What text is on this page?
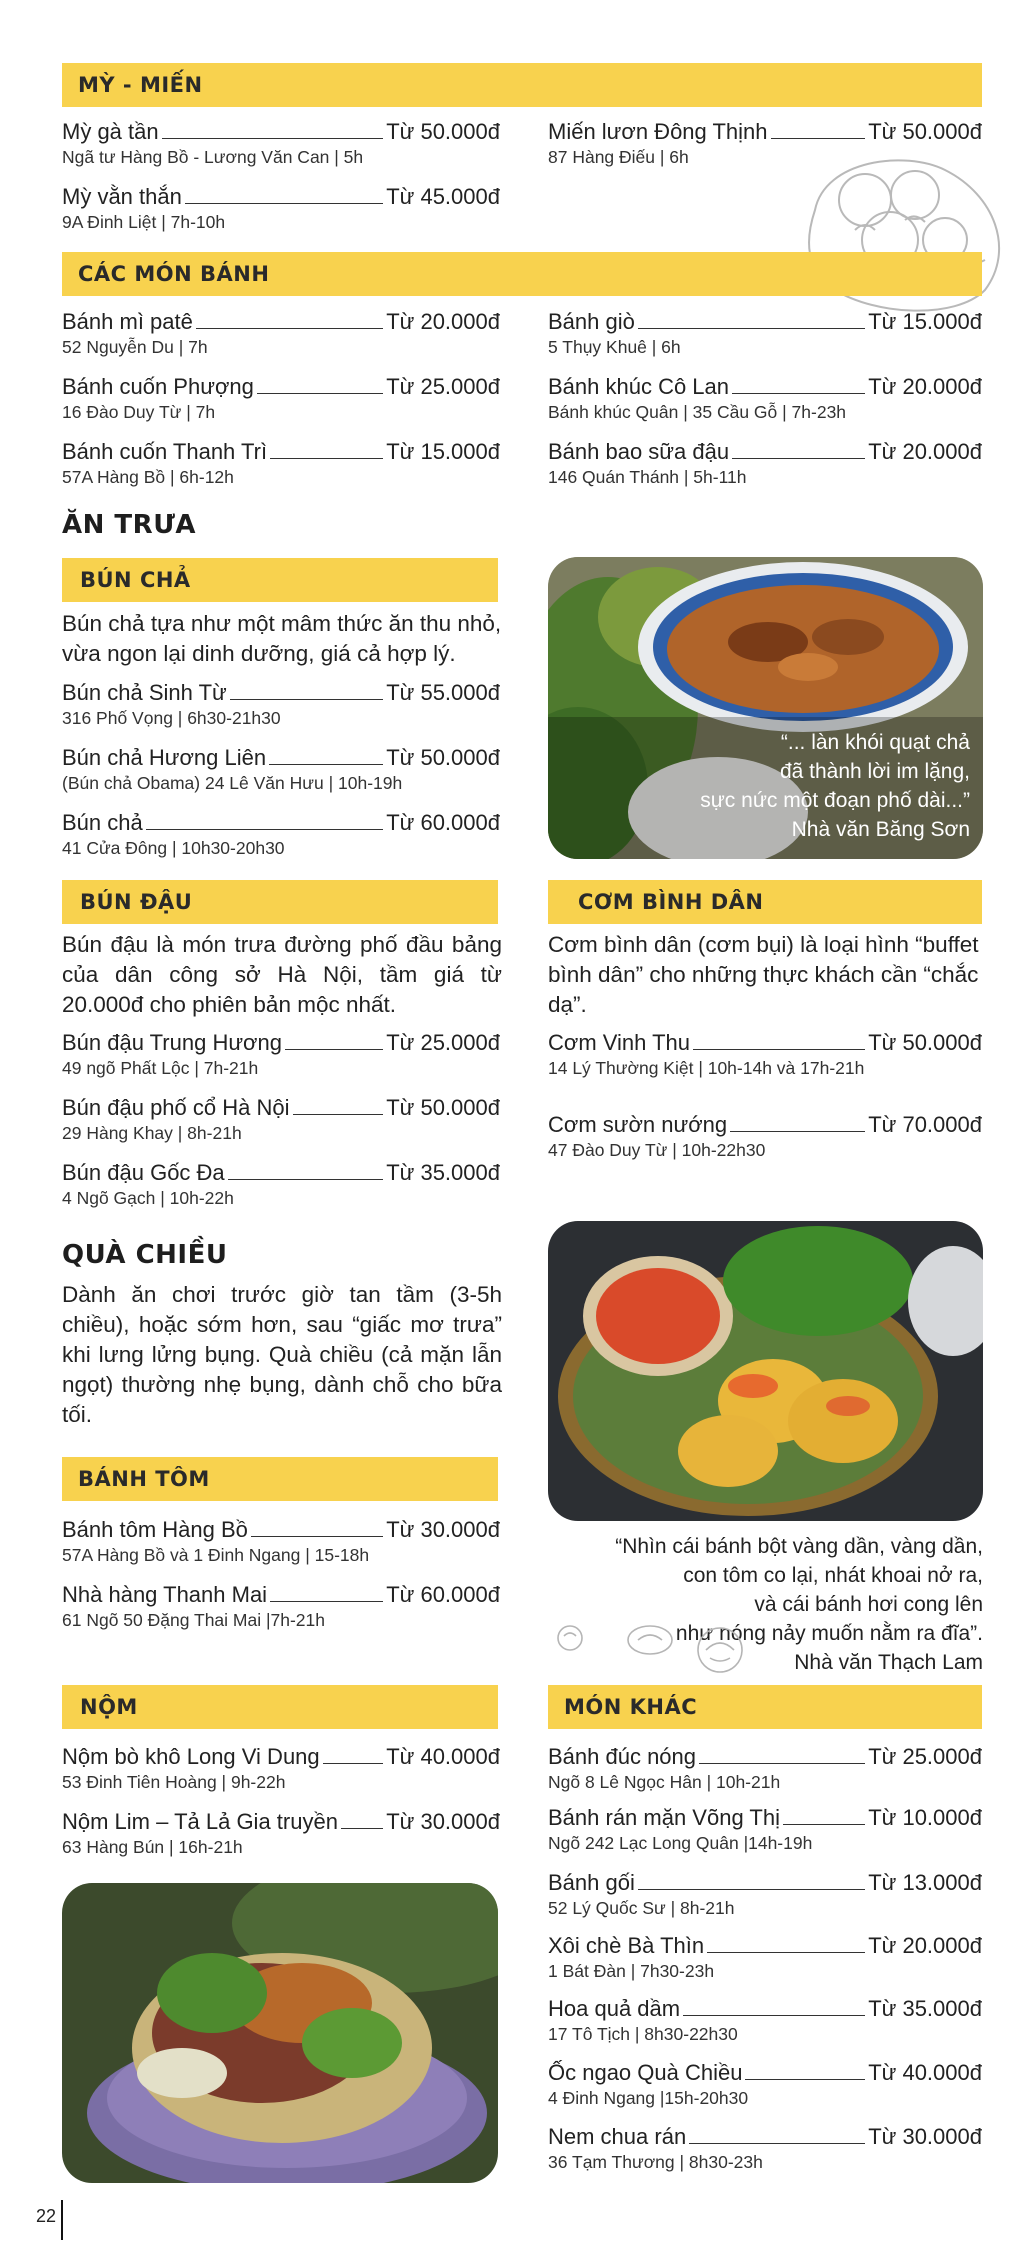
MỲ - MIẾN
Mỳ gà tần	Từ 50.000đ
Ngã tư Hàng Bồ - Lương Văn Can | 5h
Mỳ vằn thắn	Từ 45.000đ
9A Đinh Liệt | 7h-10h
Miến lươn Đông Thịnh	Từ 50.000đ
87 Hàng Điếu | 6h
CÁC MÓN BÁNH
Bánh mì patê	Từ 20.000đ
52 Nguyễn Du | 7h
Bánh cuốn Phượng	Từ 25.000đ
16 Đào Duy Từ | 7h
Bánh cuốn Thanh Trì	Từ 15.000đ
57A Hàng Bồ | 6h-12h
Bánh giò	Từ 15.000đ
5 Thụy Khuê | 6h
Bánh khúc Cô Lan	Từ 20.000đ
Bánh khúc Quân | 35 Cầu Gỗ | 7h-23h
Bánh bao sữa đậu	Từ 20.000đ
146 Quán Thánh | 5h-11h
ĂN TRƯA
BÚN CHẢ
Bún chả tựa như một mâm thức ăn thu nhỏ, vừa ngon lại dinh dưỡng, giá cả hợp lý.
Bún chả Sinh Từ	Từ 55.000đ
316 Phố Vọng | 6h30-21h30
Bún chả Hương Liên	Từ 50.000đ
(Bún chả Obama) 24 Lê Văn Hưu | 10h-19h
Bún chả	Từ 60.000đ
41 Cửa Đông | 10h30-20h30
“... làn khói quạt chả
đã thành lời im lặng,
sực nức một đoạn phố dài...”
Nhà văn Băng Sơn
BÚN ĐẬU
Bún đậu là món trưa đường phố đầu bảng của dân công sở Hà Nội, tầm giá từ 20.000đ cho phiên bản mộc nhất.
Bún đậu Trung Hương	Từ 25.000đ
49 ngõ Phất Lộc | 7h-21h
Bún đậu phố cổ Hà Nội	Từ 50.000đ
29 Hàng Khay | 8h-21h
Bún đậu Gốc Đa	Từ 35.000đ
4 Ngõ Gạch | 10h-22h
CƠM BÌNH DÂN
Cơm bình dân (cơm bụi) là loại hình “buffet bình dân” cho những thực khách cần “chắc dạ”.
Cơm Vinh Thu	Từ 50.000đ
14 Lý Thường Kiệt | 10h-14h và 17h-21h
Cơm sườn nướng	Từ 70.000đ
47 Đào Duy Từ | 10h-22h30
QUÀ CHIỀU
Dành ăn chơi trước giờ tan tầm (3-5h chiều), hoặc sớm hơn, sau “giấc mơ trưa” khi lưng lửng bụng. Quà chiều (cả mặn lẫn ngọt) thường nhẹ bụng, dành chỗ cho bữa tối.
BÁNH TÔM
Bánh tôm Hàng Bồ	Từ 30.000đ
57A Hàng Bồ và 1 Đinh Ngang | 15-18h
Nhà hàng Thanh Mai	Từ 60.000đ
61 Ngõ 50 Đặng Thai Mai |7h-21h
“Nhìn cái bánh bột vàng dần, vàng dần,
con tôm co lại, nhát khoai nở ra,
và cái bánh hơi cong lên
như nóng nảy muốn nằm ra đĩa”.
Nhà văn Thạch Lam
NỘM
Nộm bò khô Long Vi Dung	Từ 40.000đ
53 Đinh Tiên Hoàng | 9h-22h
Nộm Lim – Tả Lả Gia truyền Từ 30.000đ
63 Hàng Bún | 16h-21h
MÓN KHÁC
Bánh đúc nóng	Từ 25.000đ
Ngõ 8 Lê Ngọc Hân | 10h-21h
Bánh rán mặn Võng Thị	Từ 10.000đ
Ngõ 242 Lạc Long Quân |14h-19h
Bánh gối	Từ 13.000đ
52 Lý Quốc Sư | 8h-21h
Xôi chè Bà Thìn	Từ 20.000đ
1 Bát Đàn | 7h30-23h
Hoa quả dầm	Từ 35.000đ
17 Tô Tịch | 8h30-22h30
Ốc ngao Quà Chiều	Từ 40.000đ
4 Đinh Ngang |15h-20h30
Nem chua rán	Từ 30.000đ
36 Tạm Thương | 8h30-23h
22
